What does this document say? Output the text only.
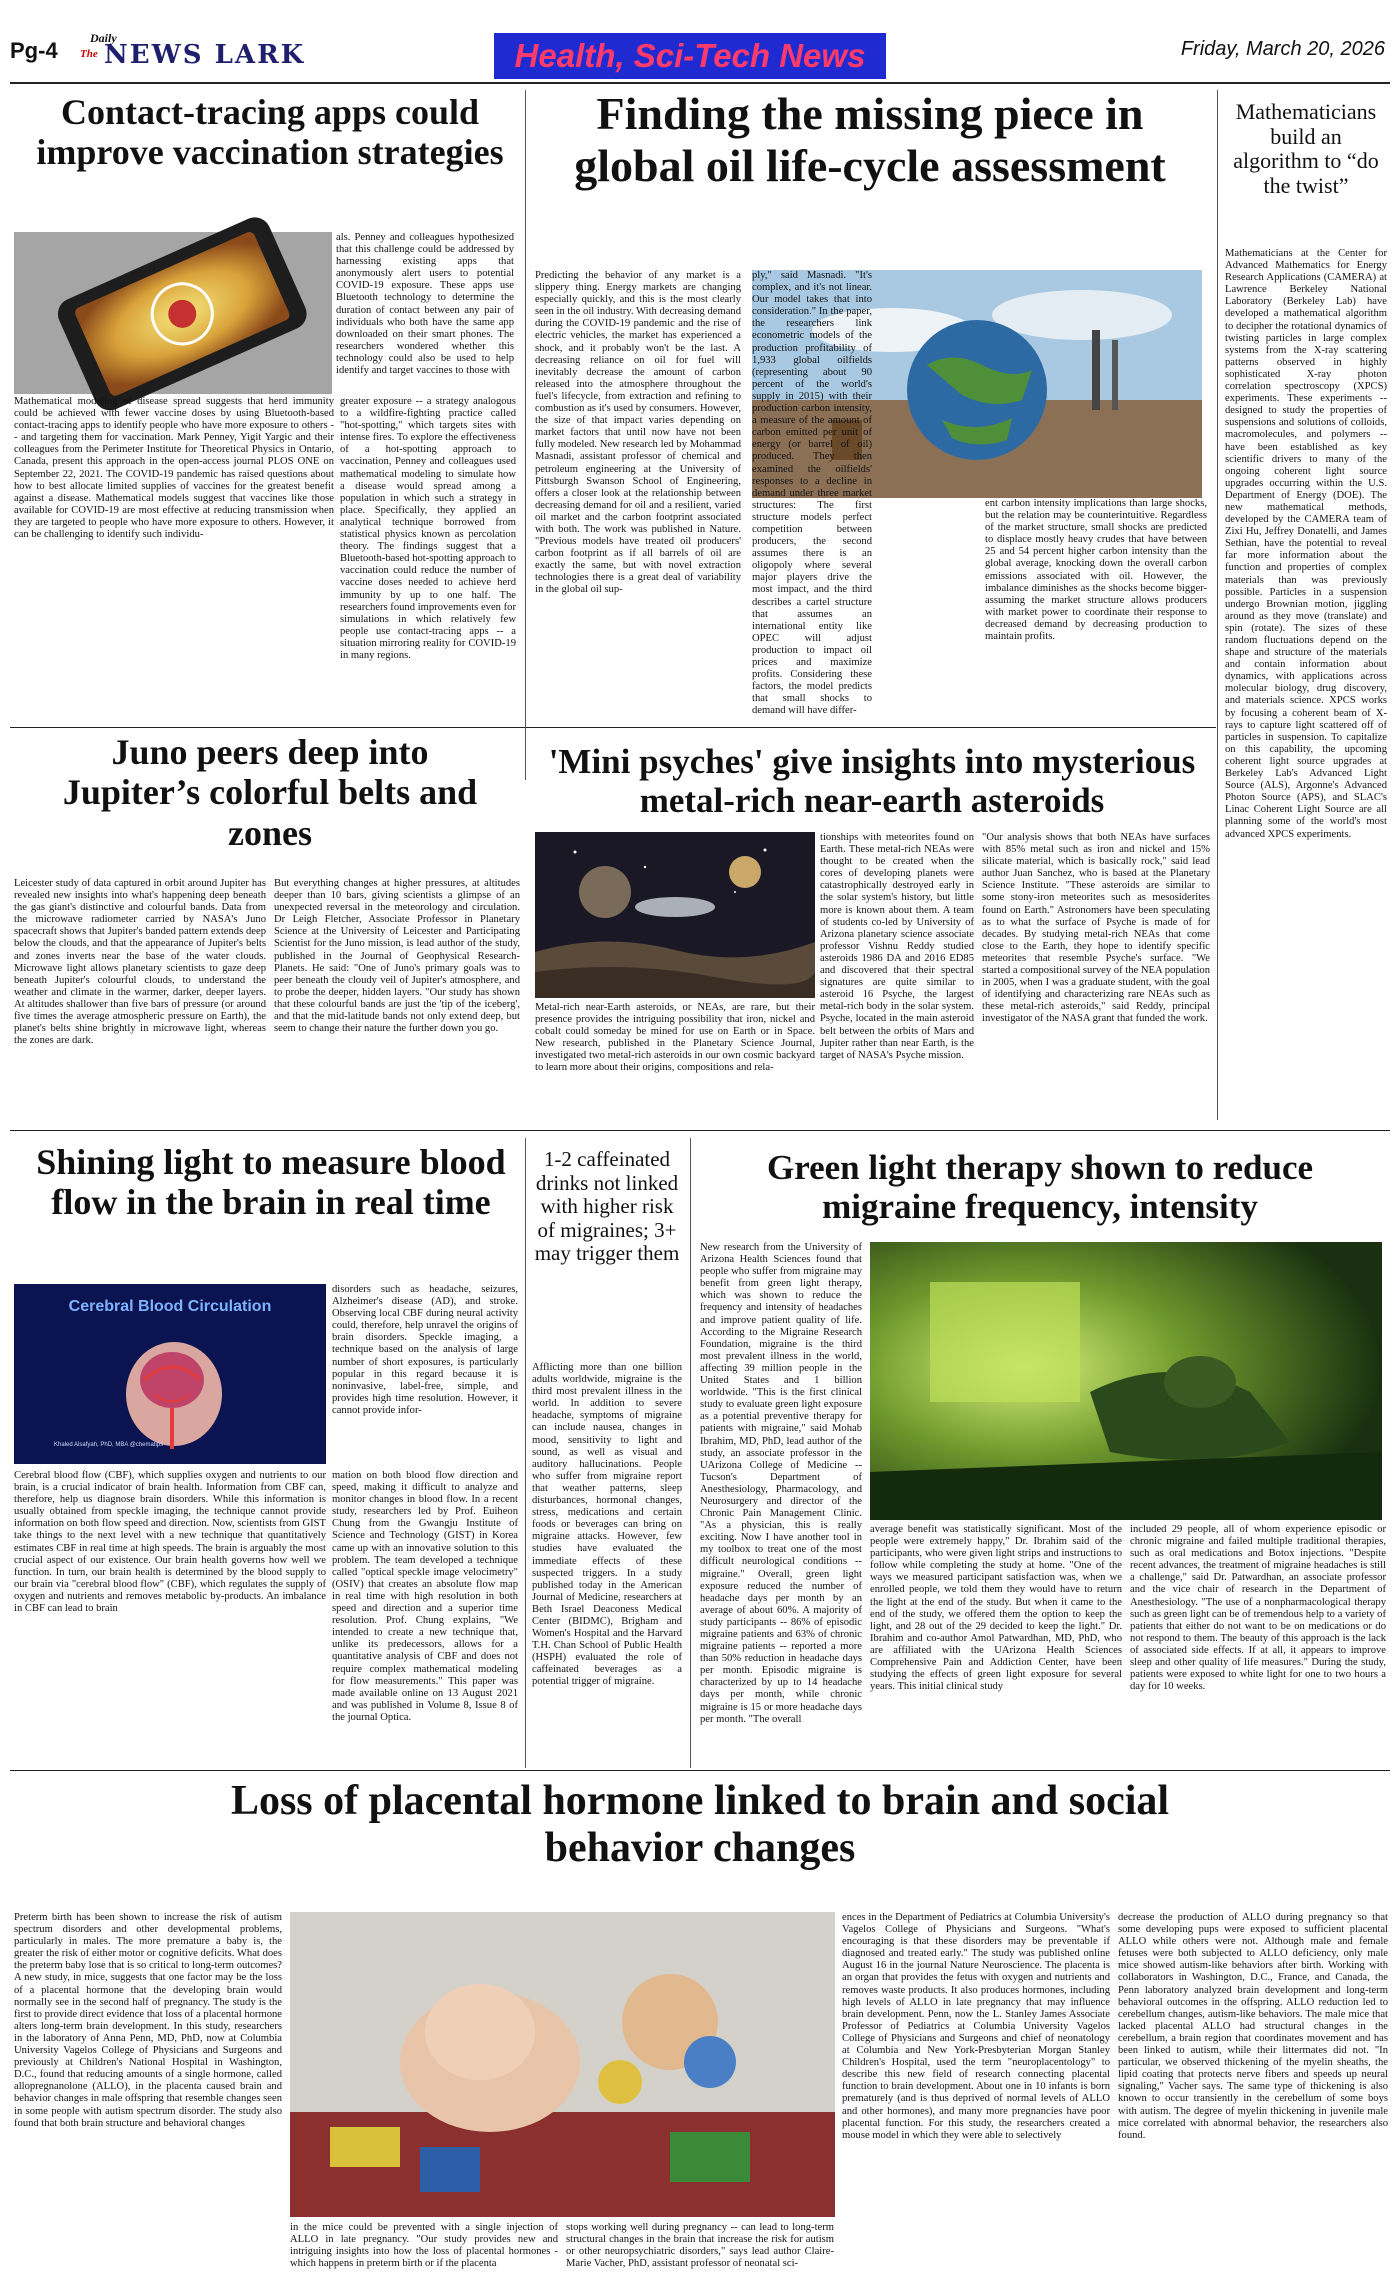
Pg-4	Daily
The NEWS LARK	Health, Sci-Tech News	Friday, March 20, 2026
Contact-tracing apps could improve vaccination strategies

als. Penney and colleagues hypothesized that this challenge could be addressed by harnessing existing apps that anonymously alert users to potential COVID-19 exposure. These apps use Bluetooth technology to determine the duration of contact between any pair of individuals who both have the same app downloaded on their smart phones. The researchers wondered whether this technology could also be used to help identify and target vaccines to those with

Mathematical modeling of disease spread suggests that herd immunity could be achieved with fewer vaccine doses by using Bluetooth-based contact-tracing apps to identify people who have more exposure to others -- and targeting them for vaccination. Mark Penney, Yigit Yargic and their colleagues from the Perimeter Institute for Theoretical Physics in Ontario, Canada, present this approach in the open-access journal PLOS ONE on September 22, 2021. The COVID-19 pandemic has raised questions about how to best allocate limited supplies of vaccines for the greatest benefit against a disease. Mathematical models suggest that vaccines like those available for COVID-19 are most effective at reducing transmission when they are targeted to people who have more exposure to others. However, it can be challenging to identify such individu-

greater exposure -- a strategy analogous to a wildfire-fighting practice called "hot-spotting," which targets sites with intense fires. To explore the effectiveness of a hot-spotting approach to vaccination, Penney and colleagues used mathematical modeling to simulate how a disease would spread among a population in which such a strategy in place. Specifically, they applied an analytical technique borrowed from statistical physics known as percolation theory. The findings suggest that a Bluetooth-based hot-spotting approach to vaccination could reduce the number of vaccine doses needed to achieve herd immunity by up to one half. The researchers found improvements even for simulations in which relatively few people use contact-tracing apps -- a situation mirroring reality for COVID-19 in many regions.

Finding the missing piece in global oil life-cycle assessment

Predicting the behavior of any market is a slippery thing. Energy markets are changing especially quickly, and this is the most clearly seen in the oil industry. With decreasing demand during the COVID-19 pandemic and the rise of electric vehicles, the market has experienced a shock, and it probably won't be the last. A decreasing reliance on oil for fuel will inevitably decrease the amount of carbon released into the atmosphere throughout the fuel's lifecycle, from extraction and refining to combustion as it's used by consumers. However, the size of that impact varies depending on market factors that until now have not been fully modeled. New research led by Mohammad Masnadi, assistant professor of chemical and petroleum engineering at the University of Pittsburgh Swanson School of Engineering, offers a closer look at the relationship between decreasing demand for oil and a resilient, varied oil market and the carbon footprint associated with both. The work was published in Nature. "Previous models have treated oil producers' carbon footprint as if all barrels of oil are exactly the same, but with novel extraction technologies there is a great deal of variability in the global oil sup-

ply," said Masnadi. "It's complex, and it's not linear. Our model takes that into consideration." In the paper, the researchers link econometric models of the production profitability of 1,933 global oilfields (representing about 90 percent of the world's supply in 2015) with their production carbon intensity, a measure of the amount of carbon emitted per unit of energy (or barrel of oil) produced. They then examined the oilfields' responses to a decline in demand under three market structures: The first structure models perfect competition between producers, the second assumes there is an oligopoly where several major players drive the most impact, and the third describes a cartel structure that assumes an international entity like OPEC will adjust production to impact oil prices and maximize profits. Considering these factors, the model predicts that small shocks to demand will have differ-

ent carbon intensity implications than large shocks, but the relation may be counterintuitive. Regardless of the market structure, small shocks are predicted to displace mostly heavy crudes that have between 25 and 54 percent higher carbon intensity than the global average, knocking down the overall carbon emissions associated with oil. However, the imbalance diminishes as the shocks become bigger-assuming the market structure allows producers with market power to coordinate their response to decreased demand by decreasing production to maintain profits.

Mathematicians build an algorithm to “do the twist”

Mathematicians at the Center for Advanced Mathematics for Energy Research Applications (CAMERA) at Lawrence Berkeley National Laboratory (Berkeley Lab) have developed a mathematical algorithm to decipher the rotational dynamics of twisting particles in large complex systems from the X-ray scattering patterns observed in highly sophisticated X-ray photon correlation spectroscopy (XPCS) experiments. These experiments -- designed to study the properties of suspensions and solutions of colloids, macromolecules, and polymers -- have been established as key scientific drivers to many of the ongoing coherent light source upgrades occurring within the U.S. Department of Energy (DOE). The new mathematical methods, developed by the CAMERA team of Zixi Hu, Jeffrey Donatelli, and James Sethian, have the potential to reveal far more information about the function and properties of complex materials than was previously possible. Particles in a suspension undergo Brownian motion, jiggling around as they move (translate) and spin (rotate). The sizes of these random fluctuations depend on the shape and structure of the materials and contain information about dynamics, with applications across molecular biology, drug discovery, and materials science. XPCS works by focusing a coherent beam of X-rays to capture light scattered off of particles in suspension. To capitalize on this capability, the upcoming coherent light source upgrades at Berkeley Lab's Advanced Light Source (ALS), Argonne's Advanced Photon Source (APS), and SLAC's Linac Coherent Light Source are all planning some of the world's most advanced XPCS experiments.

Juno peers deep into Jupiter’s colorful belts and zones

Leicester study of data captured in orbit around Jupiter has revealed new insights into what's happening deep beneath the gas giant's distinctive and colourful bands. Data from the microwave radiometer carried by NASA's Juno spacecraft shows that Jupiter's banded pattern extends deep below the clouds, and that the appearance of Jupiter's belts and zones inverts near the base of the water clouds. Microwave light allows planetary scientists to gaze deep beneath Jupiter's colourful clouds, to understand the weather and climate in the warmer, darker, deeper layers. At altitudes shallower than five bars of pressure (or around five times the average atmospheric pressure on Earth), the planet's belts shine brightly in microwave light, whereas the zones are dark.

But everything changes at higher pressures, at altitudes deeper than 10 bars, giving scientists a glimpse of an unexpected reversal in the meteorology and circulation. Dr Leigh Fletcher, Associate Professor in Planetary Science at the University of Leicester and Participating Scientist for the Juno mission, is lead author of the study, published in the Journal of Geophysical Research-Planets. He said: "One of Juno's primary goals was to peer beneath the cloudy veil of Jupiter's atmosphere, and to probe the deeper, hidden layers. "Our study has shown that these colourful bands are just the 'tip of the iceberg', and that the mid-latitude bands not only extend deep, but seem to change their nature the further down you go.

'Mini psyches' give insights into mysterious metal-rich near-earth asteroids

Metal-rich near-Earth asteroids, or NEAs, are rare, but their presence provides the intriguing possibility that iron, nickel and cobalt could someday be mined for use on Earth or in Space. New research, published in the Planetary Science Journal, investigated two metal-rich asteroids in our own cosmic backyard to learn more about their origins, compositions and rela-

tionships with meteorites found on Earth. These metal-rich NEAs were thought to be created when the cores of developing planets were catastrophically destroyed early in the solar system's history, but little more is known about them. A team of students co-led by University of Arizona planetary science associate professor Vishnu Reddy studied asteroids 1986 DA and 2016 ED85 and discovered that their spectral signatures are quite similar to asteroid 16 Psyche, the largest metal-rich body in the solar system. Psyche, located in the main asteroid belt between the orbits of Mars and Jupiter rather than near Earth, is the target of NASA's Psyche mission.

"Our analysis shows that both NEAs have surfaces with 85% metal such as iron and nickel and 15% silicate material, which is basically rock," said lead author Juan Sanchez, who is based at the Planetary Science Institute. "These asteroids are similar to some stony-iron meteorites such as mesosiderites found on Earth." Astronomers have been speculating as to what the surface of Psyche is made of for decades. By studying metal-rich NEAs that come close to the Earth, they hope to identify specific meteorites that resemble Psyche's surface. "We started a compositional survey of the NEA population in 2005, when I was a graduate student, with the goal of identifying and characterizing rare NEAs such as these metal-rich asteroids," said Reddy, principal investigator of the NASA grant that funded the work.

Shining light to measure blood flow in the brain in real time
Cerebral Blood Circulation
Khaled Alsafyah, PhD, MBA @chematips

disorders such as headache, seizures, Alzheimer's disease (AD), and stroke. Observing local CBF during neural activity could, therefore, help unravel the origins of brain disorders. Speckle imaging, a technique based on the analysis of large number of short exposures, is particularly popular in this regard because it is noninvasive, label-free, simple, and provides high time resolution. However, it cannot provide infor-

Cerebral blood flow (CBF), which supplies oxygen and nutrients to our brain, is a crucial indicator of brain health. Information from CBF can, therefore, help us diagnose brain disorders. While this information is usually obtained from speckle imaging, the technique cannot provide information on both flow speed and direction. Now, scientists from GIST take things to the next level with a new technique that quantitatively estimates CBF in real time at high speeds. The brain is arguably the most crucial aspect of our existence. Our brain health governs how well we function. In turn, our brain health is determined by the blood supply to our brain via "cerebral blood flow" (CBF), which regulates the supply of oxygen and nutrients and removes metabolic by-products. An imbalance in CBF can lead to brain

mation on both blood flow direction and speed, making it difficult to analyze and monitor changes in blood flow. In a recent study, researchers led by Prof. Euiheon Chung from the Gwangju Institute of Science and Technology (GIST) in Korea came up with an innovative solution to this problem. The team developed a technique called "optical speckle image velocimetry" (OSIV) that creates an absolute flow map in real time with high resolution in both speed and direction and a superior time resolution. Prof. Chung explains, "We intended to create a new technique that, unlike its predecessors, allows for a quantitative analysis of CBF and does not require complex mathematical modeling for flow measurements." This paper was made available online on 13 August 2021 and was published in Volume 8, Issue 8 of the journal Optica.

1-2 caffeinated drinks not linked with higher risk of migraines; 3+ may trigger them

Afflicting more than one billion adults worldwide, migraine is the third most prevalent illness in the world. In addition to severe headache, symptoms of migraine can include nausea, changes in mood, sensitivity to light and sound, as well as visual and auditory hallucinations. People who suffer from migraine report that weather patterns, sleep disturbances, hormonal changes, stress, medications and certain foods or beverages can bring on migraine attacks. However, few studies have evaluated the immediate effects of these suspected triggers. In a study published today in the American Journal of Medicine, researchers at Beth Israel Deaconess Medical Center (BIDMC), Brigham and Women's Hospital and the Harvard T.H. Chan School of Public Health (HSPH) evaluated the role of caffeinated beverages as a potential trigger of migraine.

Green light therapy shown to reduce migraine frequency, intensity

New research from the University of Arizona Health Sciences found that people who suffer from migraine may benefit from green light therapy, which was shown to reduce the frequency and intensity of headaches and improve patient quality of life. According to the Migraine Research Foundation, migraine is the third most prevalent illness in the world, affecting 39 million people in the United States and 1 billion worldwide. "This is the first clinical study to evaluate green light exposure as a potential preventive therapy for patients with migraine," said Mohab Ibrahim, MD, PhD, lead author of the study, an associate professor in the UArizona College of Medicine -- Tucson's Department of Anesthesiology, Pharmacology, and Neurosurgery and director of the Chronic Pain Management Clinic. "As a physician, this is really exciting. Now I have another tool in my toolbox to treat one of the most difficult neurological conditions -- migraine." Overall, green light exposure reduced the number of headache days per month by an average of about 60%. A majority of study participants -- 86% of episodic migraine patients and 63% of chronic migraine patients -- reported a more than 50% reduction in headache days per month. Episodic migraine is characterized by up to 14 headache days per month, while chronic migraine is 15 or more headache days per month. "The overall

average benefit was statistically significant. Most of the people were extremely happy," Dr. Ibrahim said of the participants, who were given light strips and instructions to follow while completing the study at home. "One of the ways we measured participant satisfaction was, when we enrolled people, we told them they would have to return the light at the end of the study. But when it came to the end of the study, we offered them the option to keep the light, and 28 out of the 29 decided to keep the light." Dr. Ibrahim and co-author Amol Patwardhan, MD, PhD, who are affiliated with the UArizona Health Sciences Comprehensive Pain and Addiction Center, have been studying the effects of green light exposure for several years. This initial clinical study

included 29 people, all of whom experience episodic or chronic migraine and failed multiple traditional therapies, such as oral medications and Botox injections. "Despite recent advances, the treatment of migraine headaches is still a challenge," said Dr. Patwardhan, an associate professor and the vice chair of research in the Department of Anesthesiology. "The use of a nonpharmacological therapy such as green light can be of tremendous help to a variety of patients that either do not want to be on medications or do not respond to them. The beauty of this approach is the lack of associated side effects. If at all, it appears to improve sleep and other quality of life measures." During the study, patients were exposed to white light for one to two hours a day for 10 weeks.

Loss of placental hormone linked to brain and social behavior changes

Preterm birth has been shown to increase the risk of autism spectrum disorders and other developmental problems, particularly in males. The more premature a baby is, the greater the risk of either motor or cognitive deficits. What does the preterm baby lose that is so critical to long-term outcomes? A new study, in mice, suggests that one factor may be the loss of a placental hormone that the developing brain would normally see in the second half of pregnancy. The study is the first to provide direct evidence that loss of a placental hormone alters long-term brain development. In this study, researchers in the laboratory of Anna Penn, MD, PhD, now at Columbia University Vagelos College of Physicians and Surgeons and previously at Children's National Hospital in Washington, D.C., found that reducing amounts of a single hormone, called allopregnanolone (ALLO), in the placenta caused brain and behavior changes in male offspring that resemble changes seen in some people with autism spectrum disorder. The study also found that both brain structure and behavioral changes

in the mice could be prevented with a single injection of ALLO in late pregnancy. "Our study provides new and intriguing insights into how the loss of placental hormones - which happens in preterm birth or if the placenta

stops working well during pregnancy -- can lead to long-term structural changes in the brain that increase the risk for autism or other neuropsychiatric disorders," says lead author Claire-Marie Vacher, PhD, assistant professor of neonatal sci-

ences in the Department of Pediatrics at Columbia University's Vagelos College of Physicians and Surgeons. "What's encouraging is that these disorders may be preventable if diagnosed and treated early." The study was published online August 16 in the journal Nature Neuroscience. The placenta is an organ that provides the fetus with oxygen and nutrients and removes waste products. It also produces hormones, including high levels of ALLO in late pregnancy that may influence brain development. Penn, now the L. Stanley James Associate Professor of Pediatrics at Columbia University Vagelos College of Physicians and Surgeons and chief of neonatology at Columbia and New York-Presbyterian Morgan Stanley Children's Hospital, used the term "neuroplacentology" to describe this new field of research connecting placental function to brain development. About one in 10 infants is born prematurely (and is thus deprived of normal levels of ALLO and other hormones), and many more pregnancies have poor placental function. For this study, the researchers created a mouse model in which they were able to selectively

decrease the production of ALLO during pregnancy so that some developing pups were exposed to sufficient placental ALLO while others were not. Although male and female fetuses were both subjected to ALLO deficiency, only male mice showed autism-like behaviors after birth. Working with collaborators in Washington, D.C., France, and Canada, the Penn laboratory analyzed brain development and long-term behavioral outcomes in the offspring. ALLO reduction led to cerebellum changes, autism-like behaviors. The male mice that lacked placental ALLO had structural changes in the cerebellum, a brain region that coordinates movement and has been linked to autism, while their littermates did not. "In particular, we observed thickening of the myelin sheaths, the lipid coating that protects nerve fibers and speeds up neural signaling," Vacher says. The same type of thickening is also known to occur transiently in the cerebellum of some boys with autism. The degree of myelin thickening in juvenile male mice correlated with abnormal behavior, the researchers also found.
